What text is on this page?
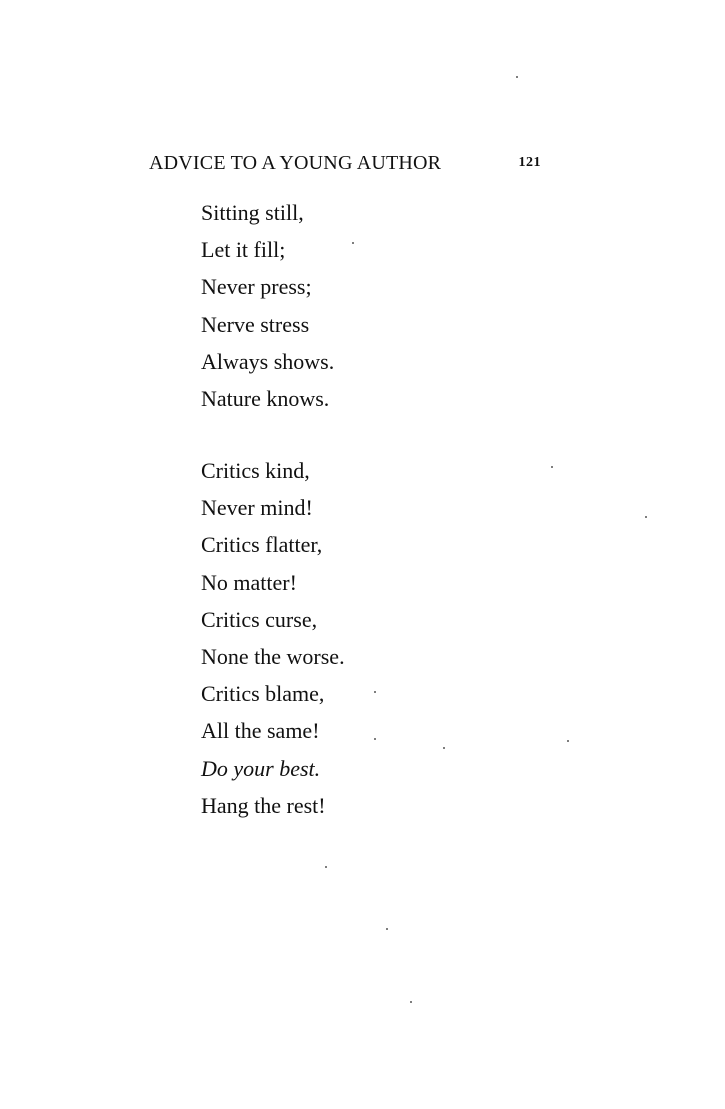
ADVICE TO A YOUNG AUTHOR	121
Sitting still,
Let it fill;
Never press;
Nerve stress
Always shows.
Nature knows.
Critics kind,
Never mind!
Critics flatter,
No matter!
Critics curse,
None the worse.
Critics blame,
All the same!
Do your best.
Hang the rest!
